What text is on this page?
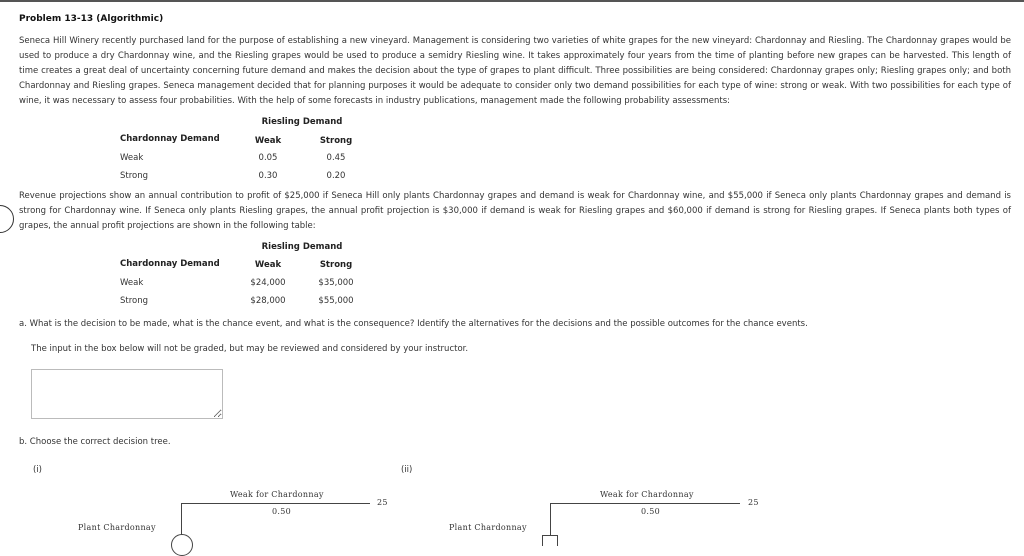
Problem 13-13 (Algorithmic)
Seneca Hill Winery recently purchased land for the purpose of establishing a new vineyard. Management is considering two varieties of white grapes for the new vineyard: Chardonnay and Riesling. The Chardonnay grapes would be used to produce a dry Chardonnay wine, and the Riesling grapes would be used to produce a semidry Riesling wine. It takes approximately four years from the time of planting before new grapes can be harvested. This length of time creates a great deal of uncertainty concerning future demand and makes the decision about the type of grapes to plant difficult. Three possibilities are being considered: Chardonnay grapes only; Riesling grapes only; and both Chardonnay and Riesling grapes. Seneca management decided that for planning purposes it would be adequate to consider only two demand possibilities for each type of wine: strong or weak. With two possibilities for each type of wine, it was necessary to assess four probabilities. With the help of some forecasts in industry publications, management made the following probability assessments:
Riesling Demand
Chardonnay Demand	Weak	Strong
Weak	0.05	0.45
Strong	0.30	0.20
Revenue projections show an annual contribution to profit of $25,000 if Seneca Hill only plants Chardonnay grapes and demand is weak for Chardonnay wine, and $55,000 if Seneca only plants Chardonnay grapes and demand is strong for Chardonnay wine. If Seneca only plants Riesling grapes, the annual profit projection is $30,000 if demand is weak for Riesling grapes and $60,000 if demand is strong for Riesling grapes. If Seneca plants both types of grapes, the annual profit projections are shown in the following table:
Riesling Demand
Chardonnay Demand	Weak	Strong
Weak	$24,000	$35,000
Strong	$28,000	$55,000
a. What is the decision to be made, what is the chance event, and what is the consequence? Identify the alternatives for the decisions and the possible outcomes for the chance events.
The input in the box below will not be graded, but may be reviewed and considered by your instructor.
b. Choose the correct decision tree.
(i)
Weak for Chardonnay
0.50
25
Plant Chardonnay
(ii)
Weak for Chardonnay
0.50
25
Plant Chardonnay
